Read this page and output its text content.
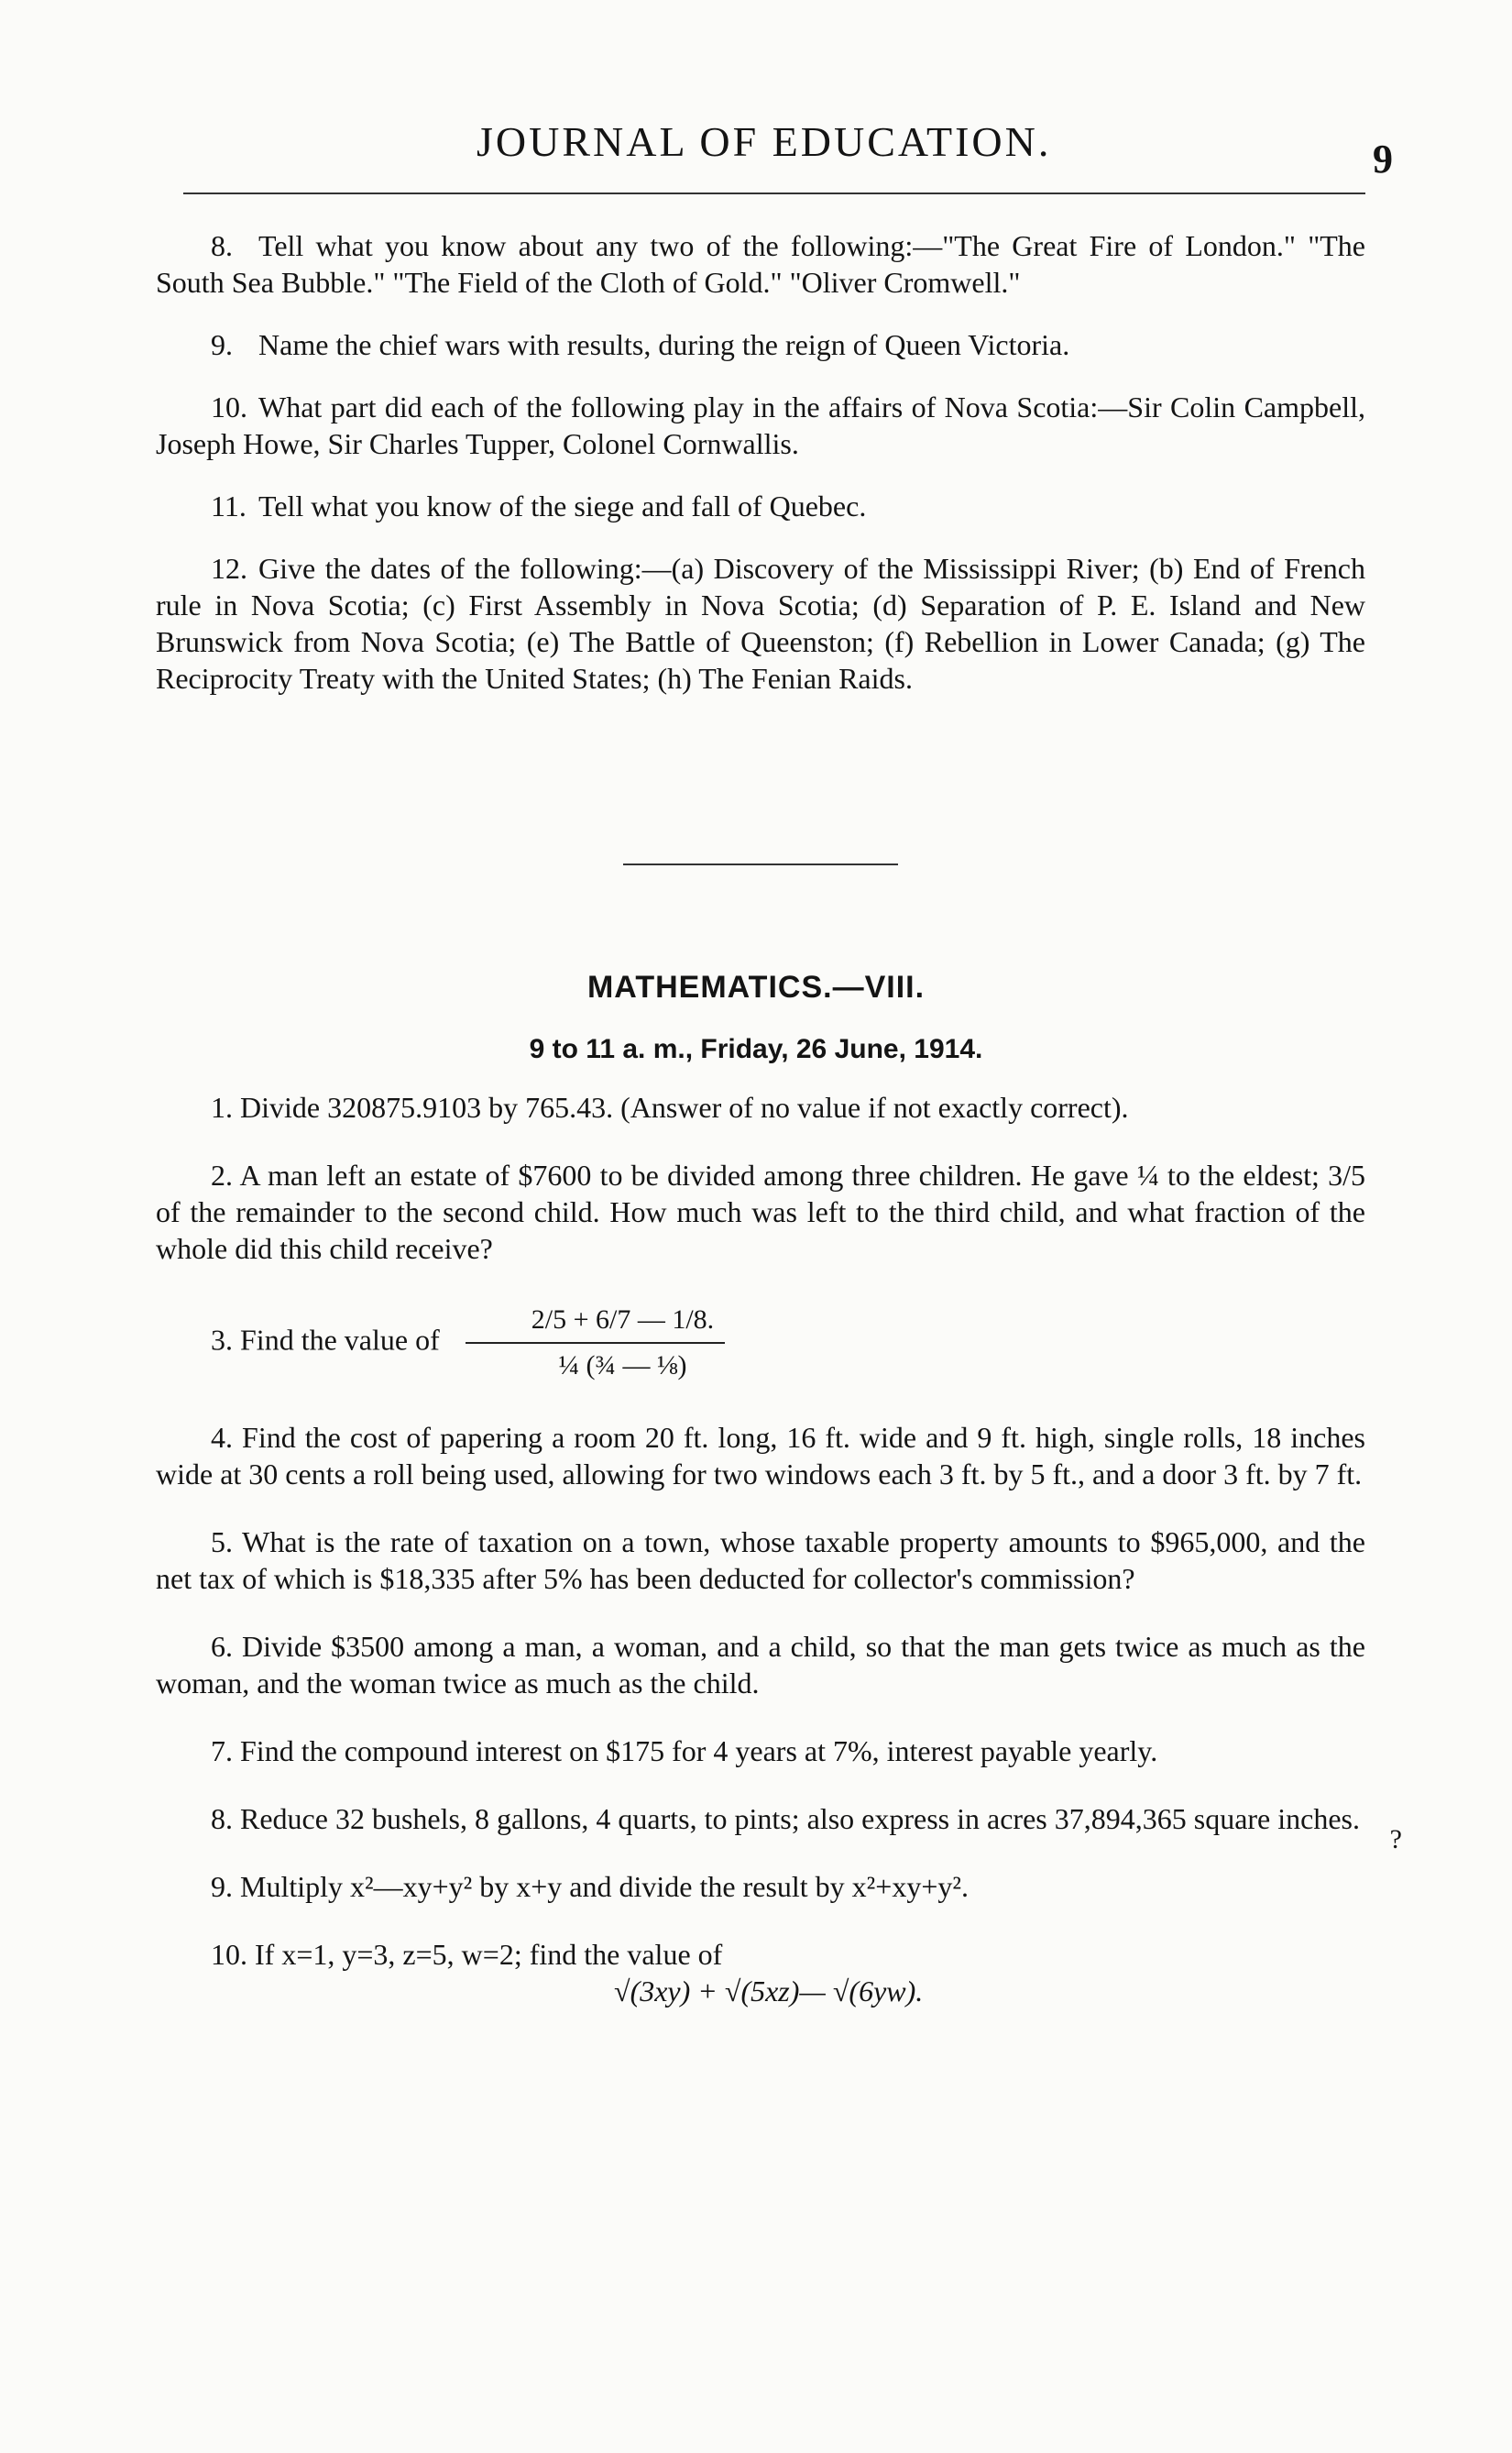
JOURNAL OF EDUCATION.	9

8. Tell what you know about any two of the following:—"The Great Fire of London." "The South Sea Bubble." "The Field of the Cloth of Gold." "Oliver Cromwell."

9. Name the chief wars with results, during the reign of Queen Victoria.

10. What part did each of the following play in the affairs of Nova Scotia:—Sir Colin Campbell, Joseph Howe, Sir Charles Tupper, Colonel Cornwallis.

11. Tell what you know of the siege and fall of Quebec.

12. Give the dates of the following:—(a) Discovery of the Mississippi River; (b) End of French rule in Nova Scotia; (c) First Assembly in Nova Scotia; (d) Separation of P. E. Island and New Brunswick from Nova Scotia; (e) The Battle of Queenston; (f) Rebellion in Lower Canada; (g) The Reciprocity Treaty with the United States; (h) The Fenian Raids.

MATHEMATICS.—VIII.
9 to 11 a. m., Friday, 26 June, 1914.

1. Divide 320875.9103 by 765.43. (Answer of no value if not exactly correct).

2. A man left an estate of $7600 to be divided among three children. He gave ¼ to the eldest; 3/5 of the remainder to the second child. How much was left to the third child, and what fraction of the whole did this child receive?

3. Find the value of $\frac{2/5 + 6/7 — 1/8.}{\text{¼ (¾ — ⅛)}}$

4. Find the cost of papering a room 20 ft. long, 16 ft. wide and 9 ft. high, single rolls, 18 inches wide at 30 cents a roll being used, allowing for two windows each 3 ft. by 5 ft., and a door 3 ft. by 7 ft.

5. What is the rate of taxation on a town, whose taxable property amounts to $965,000, and the net tax of which is $18,335 after 5% has been deducted for collector's commission?

6. Divide $3500 among a man, a woman, and a child, so that the man gets twice as much as the woman, and the woman twice as much as the child.

7. Find the compound interest on $175 for 4 years at 7%, interest payable yearly.

8. Reduce 32 bushels, 8 gallons, 4 quarts, to pints; also express in acres 37,894,365 square inches.

9. Multiply x²—xy+y² by x+y and divide the result by x²+xy+y².

10. If x=1, y=3, z=5, w=2; find the value of

√(3xy) + √(5xz)— √(6yw).

?
